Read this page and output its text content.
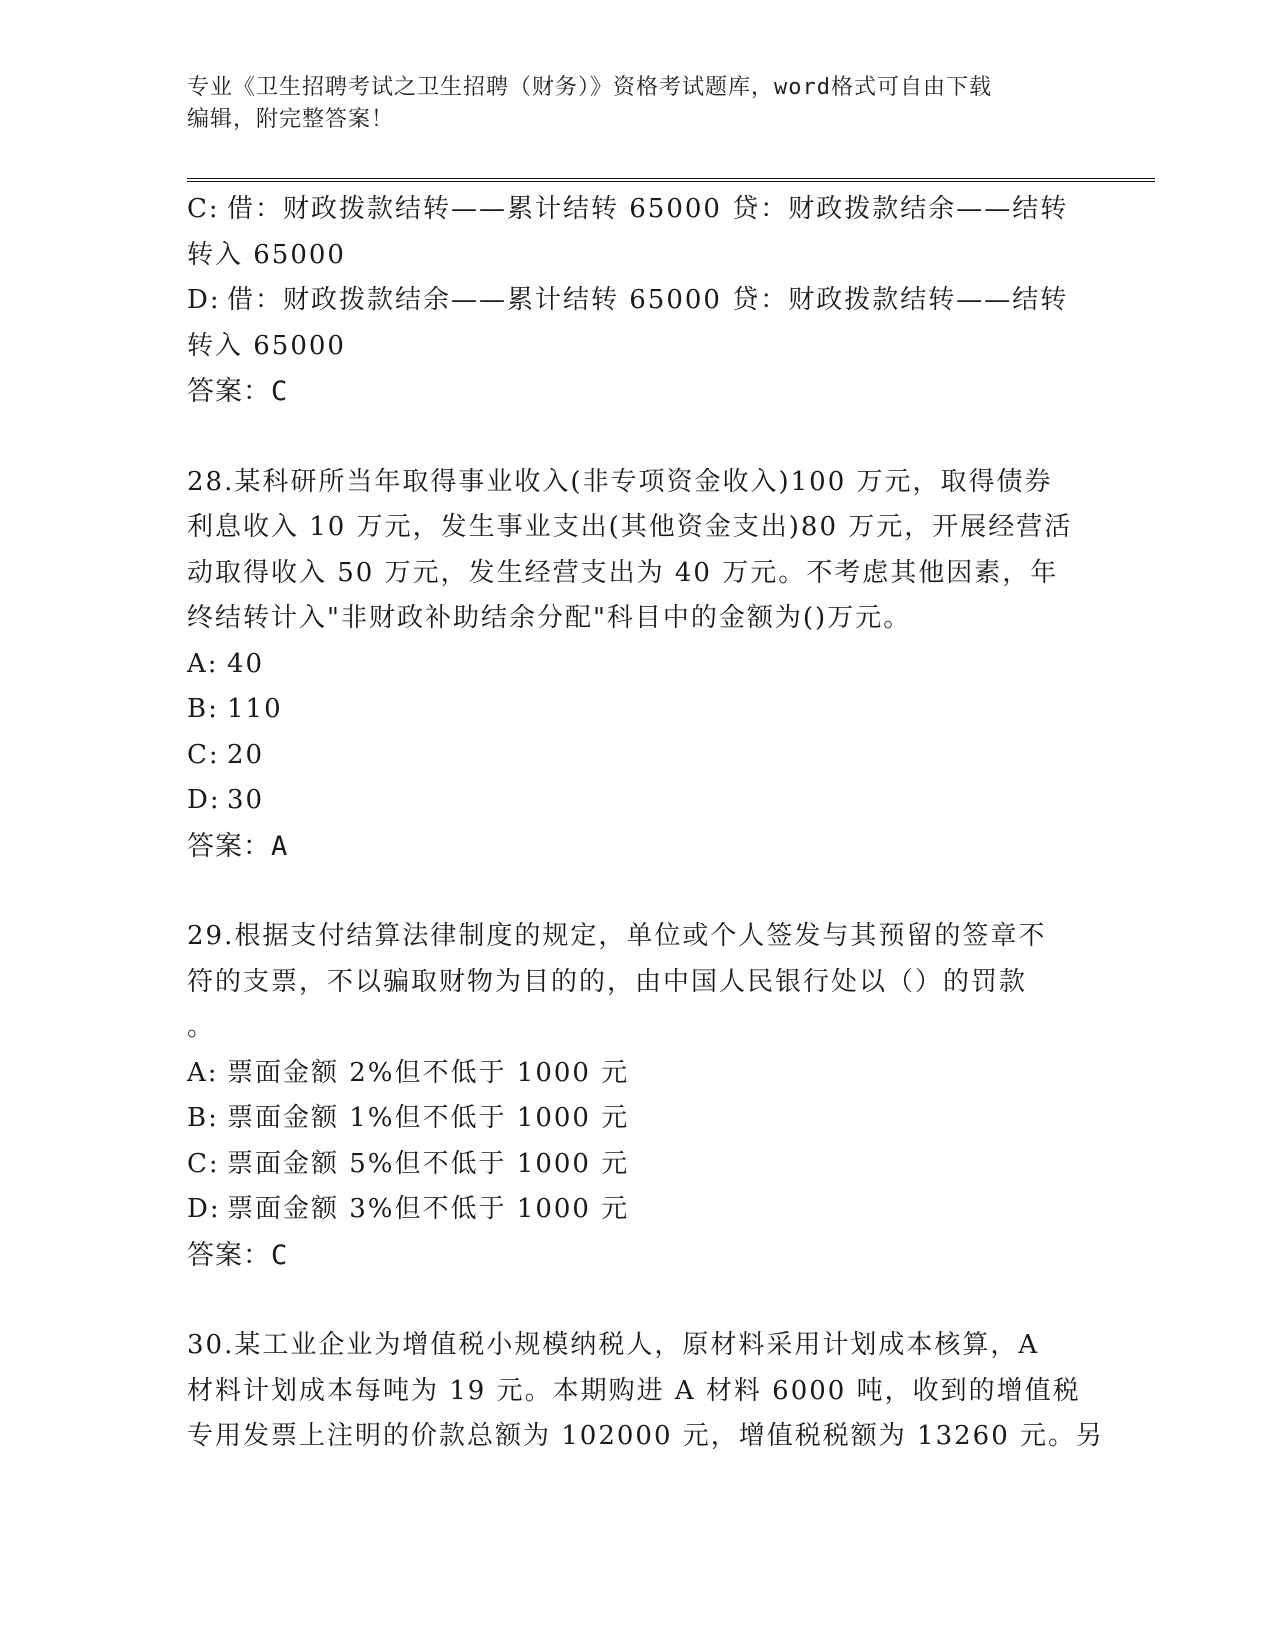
专业《卫生招聘考试之卫生招聘（财务）》资格考试题库，word格式可自由下载
编辑，附完整答案！
C: 借：财政拨款结转——累计结转 65000 贷：财政拨款结余——结转
转入 65000
D: 借：财政拨款结余——累计结转 65000 贷：财政拨款结转——结转
转入 65000
答案：C
28.某科研所当年取得事业收入(非专项资金收入)100 万元，取得债券
利息收入 10 万元，发生事业支出(其他资金支出)80 万元，开展经营活
动取得收入 50 万元，发生经营支出为 40 万元。不考虑其他因素，年
终结转计入"非财政补助结余分配"科目中的金额为()万元。
A: 40
B: 110
C: 20
D: 30
答案：A
29.根据支付结算法律制度的规定，单位或个人签发与其预留的签章不
符的支票，不以骗取财物为目的的，由中国人民银行处以（）的罚款
。
A: 票面金额 2%但不低于 1000 元
B: 票面金额 1%但不低于 1000 元
C: 票面金额 5%但不低于 1000 元
D: 票面金额 3%但不低于 1000 元
答案：C
30.某工业企业为增值税小规模纳税人，原材料采用计划成本核算，A
材料计划成本每吨为 19 元。本期购进 A 材料 6000 吨，收到的增值税
专用发票上注明的价款总额为 102000 元，增值税税额为 13260 元。另
